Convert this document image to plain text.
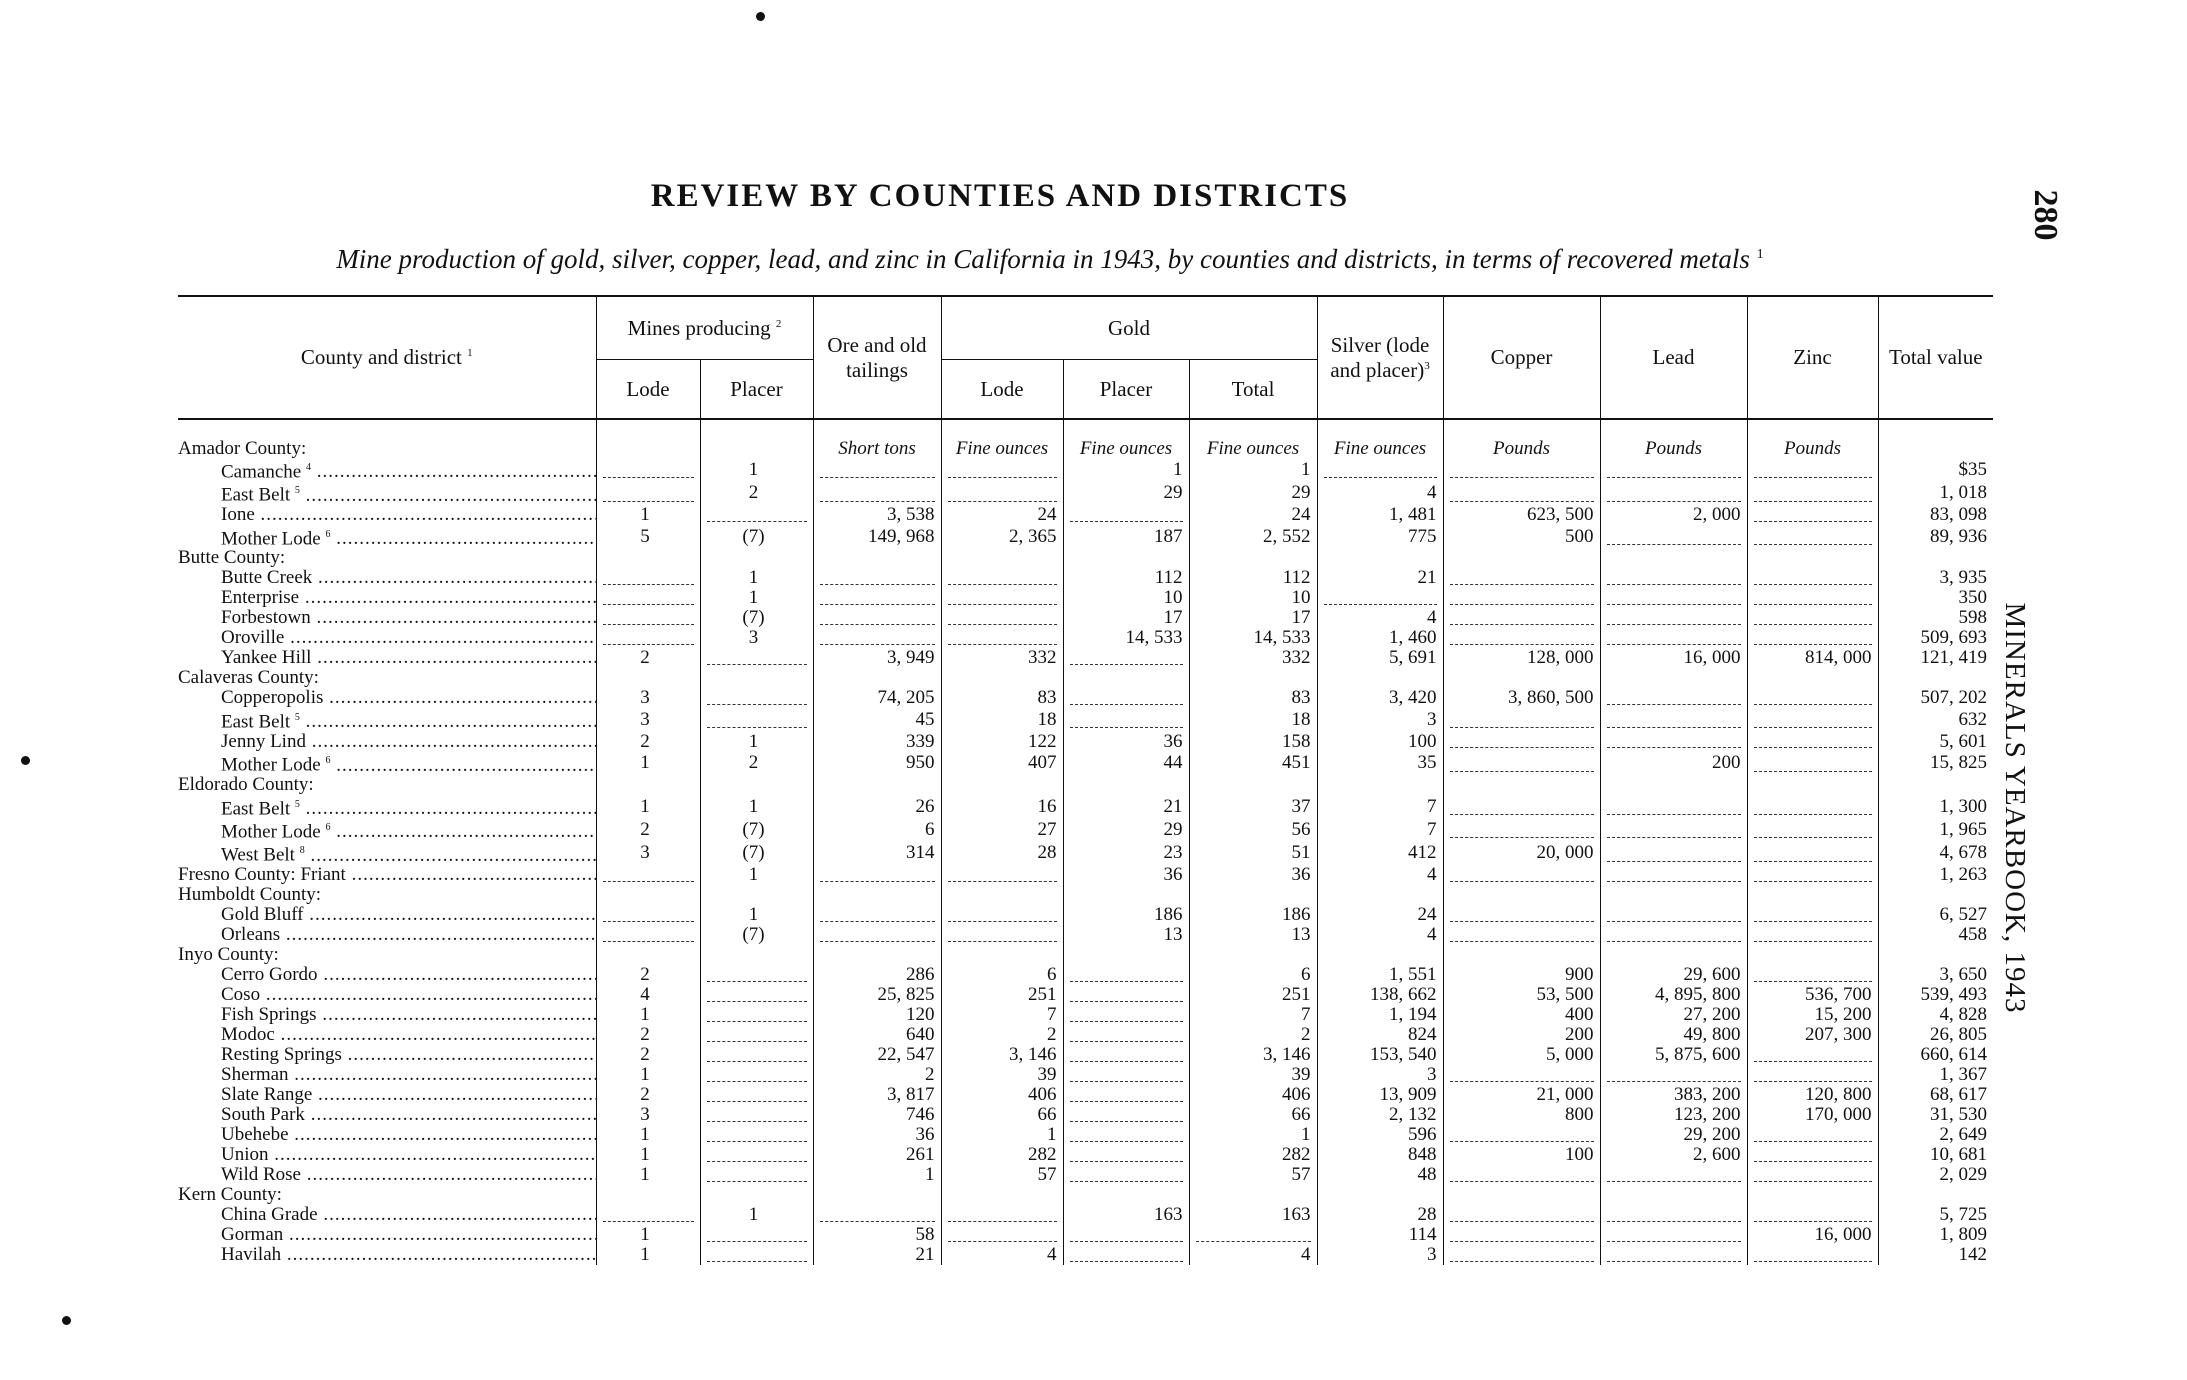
REVIEW BY COUNTIES AND DISTRICTS
Mine production of gold, silver, copper, lead, and zinc in California in 1943, by counties and districts, in terms of recovered metals $^1$
280
MINERALS YEARBOOK, 1943
County and district $^1$	Mines producing $^2$		Ore and old tailings	Gold			Silver (lode and placer)$^3$	Copper	Lead	Zinc	Total value
	Lode	Placer		Lode	Placer	Total					
Amador County:			Short tons	Fine ounces	Fine ounces	Fine ounces	Fine ounces	Pounds	Pounds	Pounds	
Camanche $^4$ .....		1			1	1					$35
East Belt $^5$ .....		2			29	29	4				1, 018
Ione .....	1		3, 538	24		24	1, 481	623, 500	2, 000		83, 098
Mother Lode $^6$ .....	5	(7)	149, 968	2, 365	187	2, 552	775	500			89, 936
Butte County:											
Butte Creek .....		1			112	112	21				3, 935
Enterprise .....		1			10	10					350
Forbestown .....		(7)			17	17	4				598
Oroville .....		3			14, 533	14, 533	1, 460				509, 693
Yankee Hill .....	2		3, 949	332		332	5, 691	128, 000	16, 000	814, 000	121, 419
Calaveras County:											
Copperopolis .....	3		74, 205	83		83	3, 420	3, 860, 500			507, 202
East Belt $^5$ .....	3		45	18		18	3				632
Jenny Lind .....	2	1	339	122	36	158	100				5, 601
Mother Lode $^6$ .....	1	2	950	407	44	451	35		200		15, 825
Eldorado County:											
East Belt $^5$ .....	1	1	26	16	21	37	7				1, 300
Mother Lode $^6$ .....	2	(7)	6	27	29	56	7				1, 965
West Belt $^8$ .....	3	(7)	314	28	23	51	412	20, 000			4, 678
Fresno County: Friant .....		1			36	36	4				1, 263
Humboldt County:											
Gold Bluff .....		1			186	186	24				6, 527
Orleans .....		(7)			13	13	4				458
Inyo County:											
Cerro Gordo .....	2		286	6		6	1, 551	900	29, 600		3, 650
Coso .....	4		25, 825	251		251	138, 662	53, 500	4, 895, 800	536, 700	539, 493
Fish Springs .....	1		120	7		7	1, 194	400	27, 200	15, 200	4, 828
Modoc .....	2		640	2		2	824	200	49, 800	207, 300	26, 805
Resting Springs .....	2		22, 547	3, 146		3, 146	153, 540	5, 000	5, 875, 600		660, 614
Sherman .....	1		2	39		39	3				1, 367
Slate Range .....	2		3, 817	406		406	13, 909	21, 000	383, 200	120, 800	68, 617
South Park .....	3		746	66		66	2, 132	800	123, 200	170, 000	31, 530
Ubehebe .....	1		36	1		1	596		29, 200		2, 649
Union .....	1		261	282		282	848	100	2, 600		10, 681
Wild Rose .....	1		1	57		57	48				2, 029
Kern County:											
China Grade .....		1			163	163	28				5, 725
Gorman .....	1		58				114			16, 000	1, 809
Havilah .....	1		21	4		4	3				142
